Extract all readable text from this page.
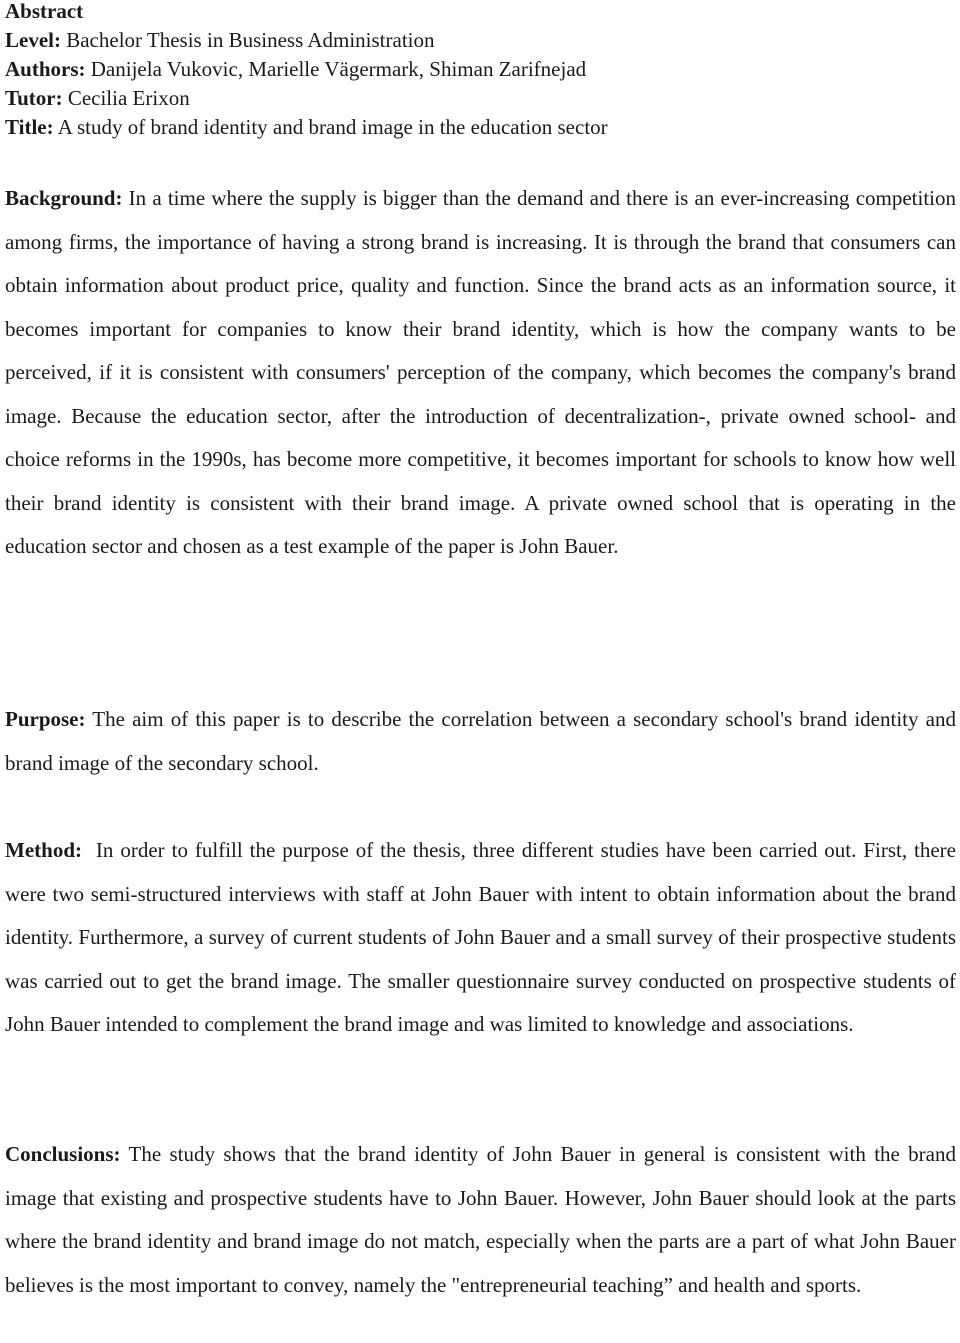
Abstract
Level: Bachelor Thesis in Business Administration
Authors: Danijela Vukovic, Marielle Vägermark, Shiman Zarifnejad
Tutor: Cecilia Erixon
Title: A study of brand identity and brand image in the education sector

Background: In a time where the supply is bigger than the demand and there is an ever-increasing competition among firms, the importance of having a strong brand is increasing. It is through the brand that consumers can obtain information about product price, quality and function. Since the brand acts as an information source, it becomes important for companies to know their brand identity, which is how the company wants to be perceived, if it is consistent with consumers' perception of the company, which becomes the company's brand image. Because the education sector, after the introduction of decentralization-, private owned school- and choice reforms in the 1990s, has become more competitive, it becomes important for schools to know how well their brand identity is consistent with their brand image. A private owned school that is operating in the education sector and chosen as a test example of the paper is John Bauer.

Purpose: The aim of this paper is to describe the correlation between a secondary school's brand identity and brand image of the secondary school.

Method: In order to fulfill the purpose of the thesis, three different studies have been carried out. First, there were two semi-structured interviews with staff at John Bauer with intent to obtain information about the brand identity. Furthermore, a survey of current students of John Bauer and a small survey of their prospective students was carried out to get the brand image. The smaller questionnaire survey conducted on prospective students of John Bauer intended to complement the brand image and was limited to knowledge and associations.

Conclusions: The study shows that the brand identity of John Bauer in general is consistent with the brand image that existing and prospective students have to John Bauer. However, John Bauer should look at the parts where the brand identity and brand image do not match, especially when the parts are a part of what John Bauer believes is the most important to convey, namely the "entrepreneurial teaching” and health and sports.
